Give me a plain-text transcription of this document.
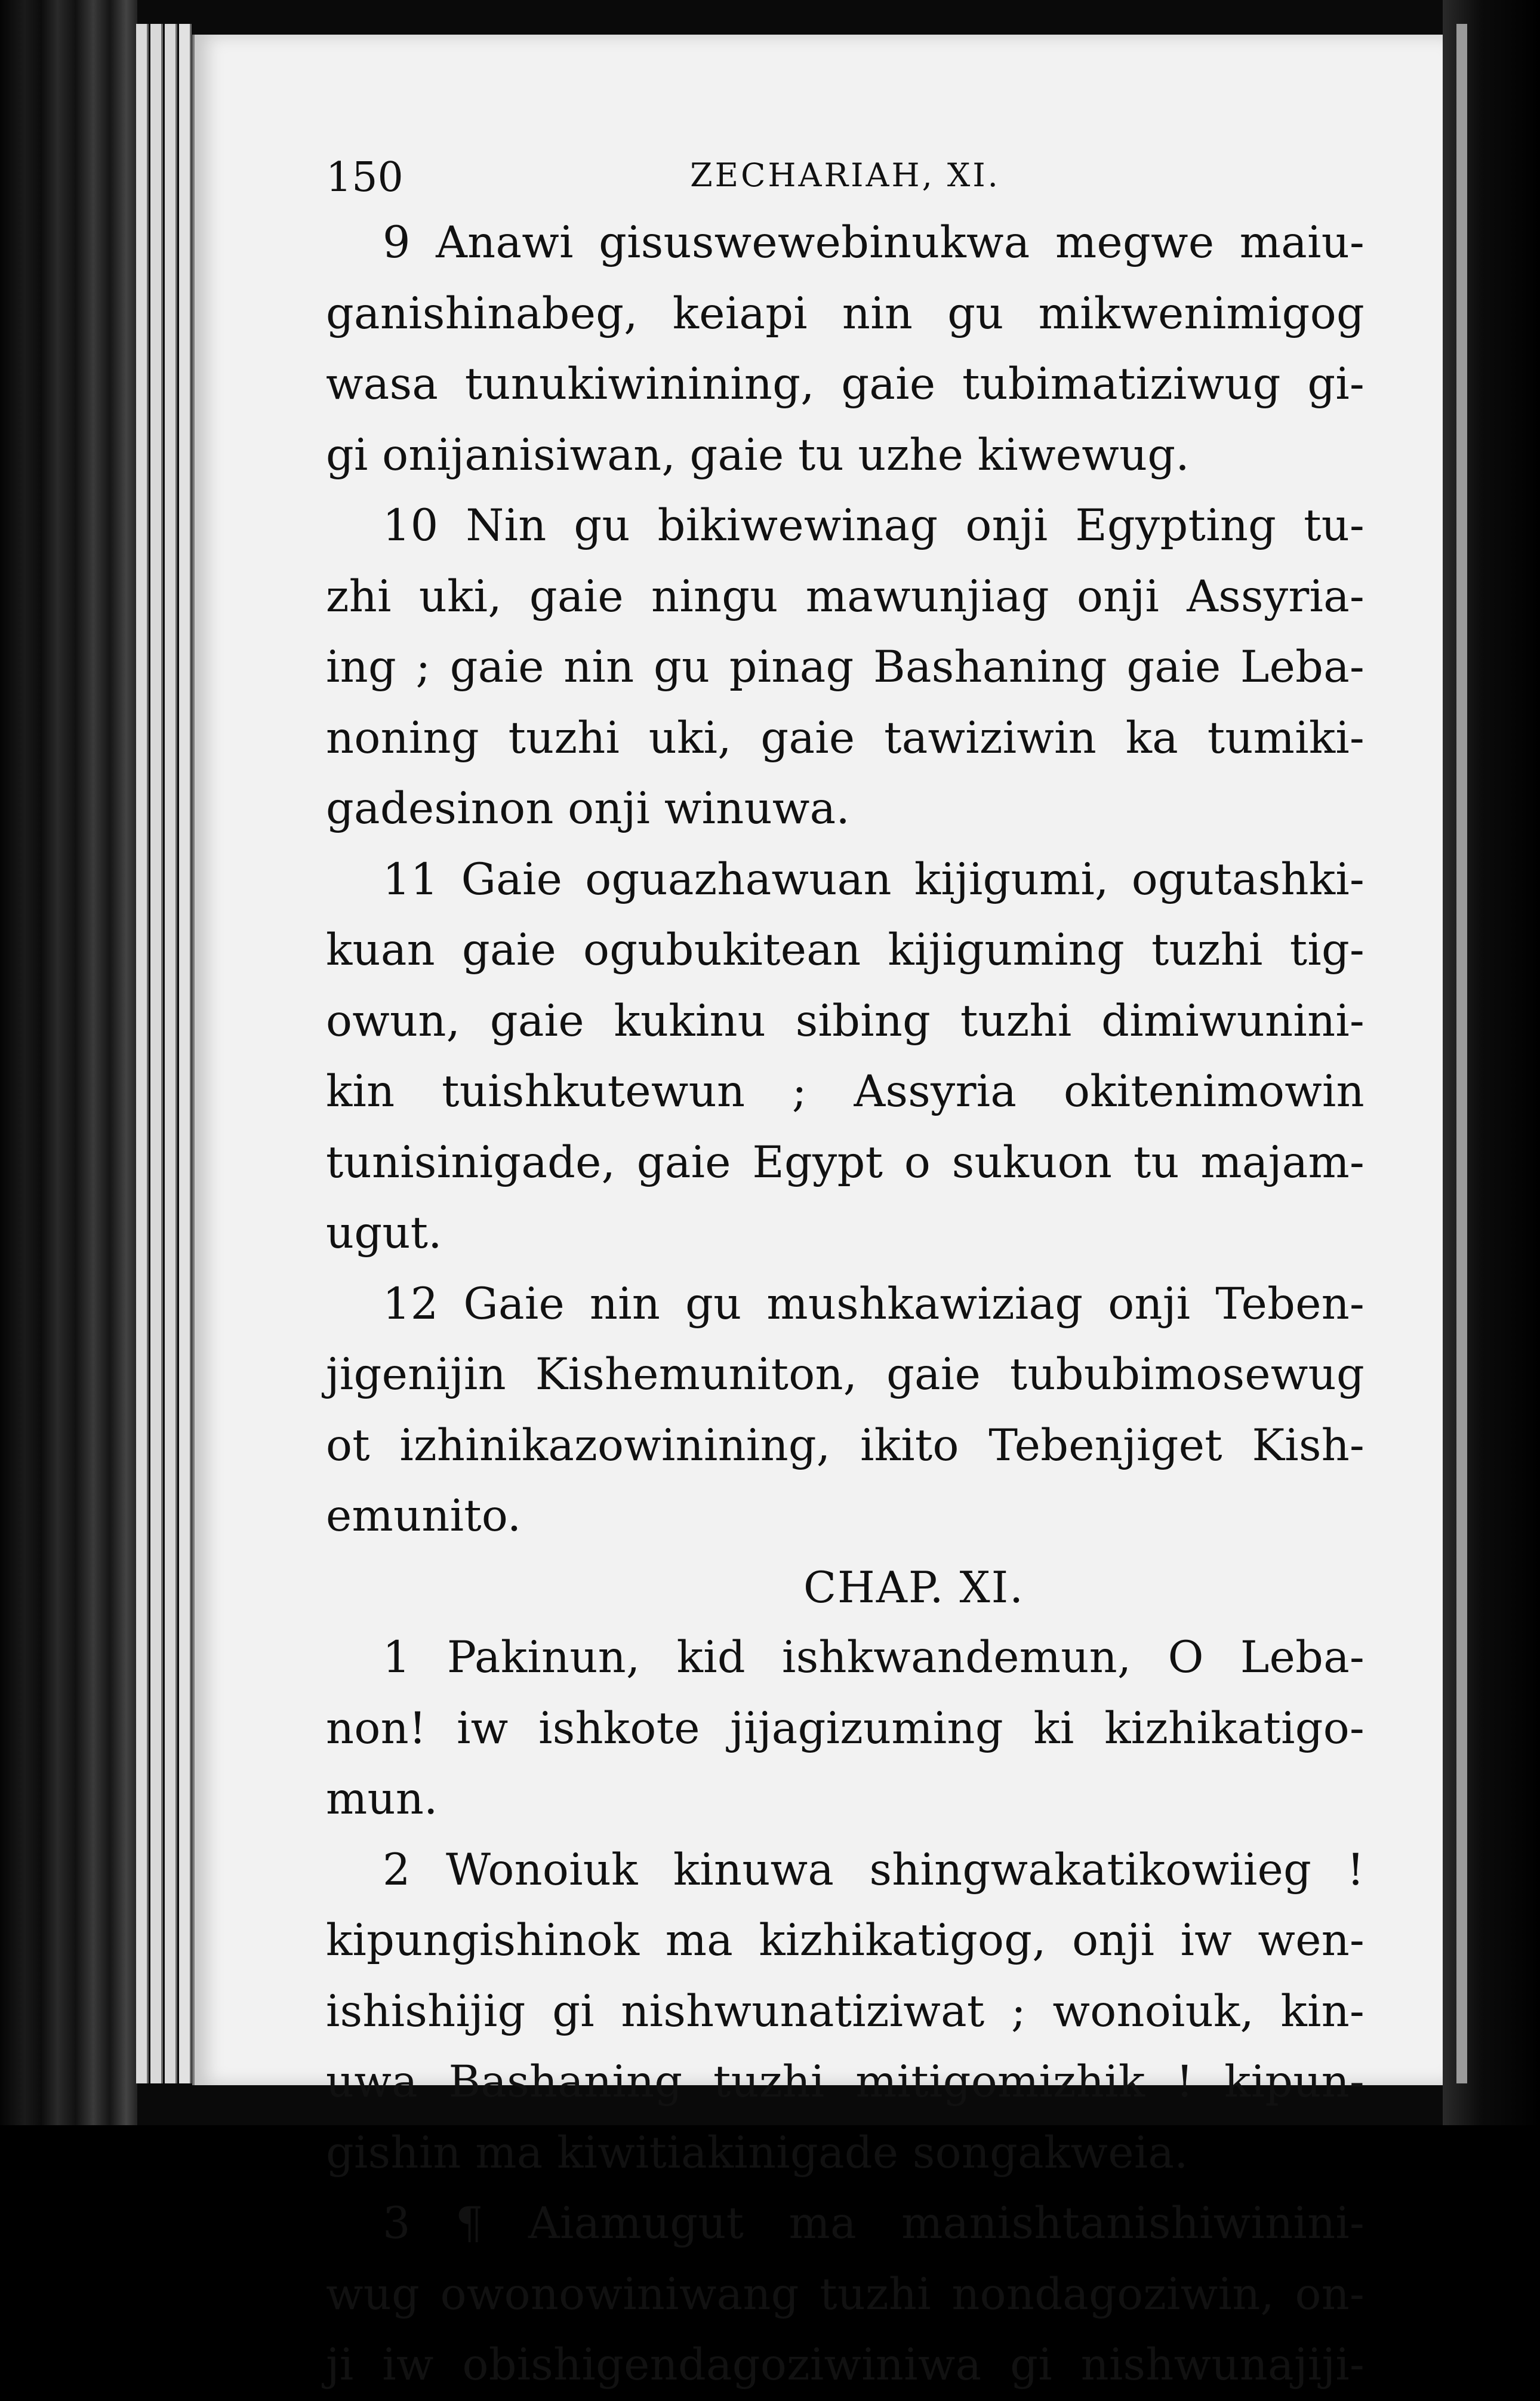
150	ZECHARIAH, XI.
9 Anawi gisuswewebinukwa megwe maiu-
ganishinabeg, keiapi nin gu mikwenimigog
wasa tunukiwinining, gaie tubimatiziwug gi-
gi onijanisiwan, gaie tu uzhe kiwewug.
10 Nin gu bikiwewinag onji Egypting tu-
zhi uki, gaie ningu mawunjiag onji Assyria-
ing ; gaie nin gu pinag Bashaning gaie Leba-
noning tuzhi uki, gaie tawiziwin ka tumiki-
gadesinon onji winuwa.
11 Gaie oguazhawuan kijigumi, ogutashki-
kuan gaie ogubukitean kijiguming tuzhi tig-
owun, gaie kukinu sibing tuzhi dimiwunini-
kin tuishkutewun ; Assyria okitenimowin
tunisinigade, gaie Egypt o sukuon tu majam-
ugut.
12 Gaie nin gu mushkawiziag onji Teben-
jigenijin Kishemuniton, gaie tububimosewug
ot izhinikazowinining, ikito Tebenjiget Kish-
emunito.
CHAP. XI.
1 Pakinun, kid ishkwandemun, O Leba-
non! iw ishkote jijagizuming ki kizhikatigo-
mun.
2 Wonoiuk kinuwa shingwakatikowiieg !
kipungishinok ma kizhikatigog, onji iw wen-
ishishijig gi nishwunatiziwat ; wonoiuk, kin-
uwa Bashaning tuzhi mitigomizhik ! kipun-
gishin ma kiwitiakinigade songakweia.
3 ¶ Aiamugut ma manishtanishiwinini-
wug owonowiniwang tuzhi nondagoziwin, on-
ji iw obishigendagoziwiniwa gi nishwunajiji-
